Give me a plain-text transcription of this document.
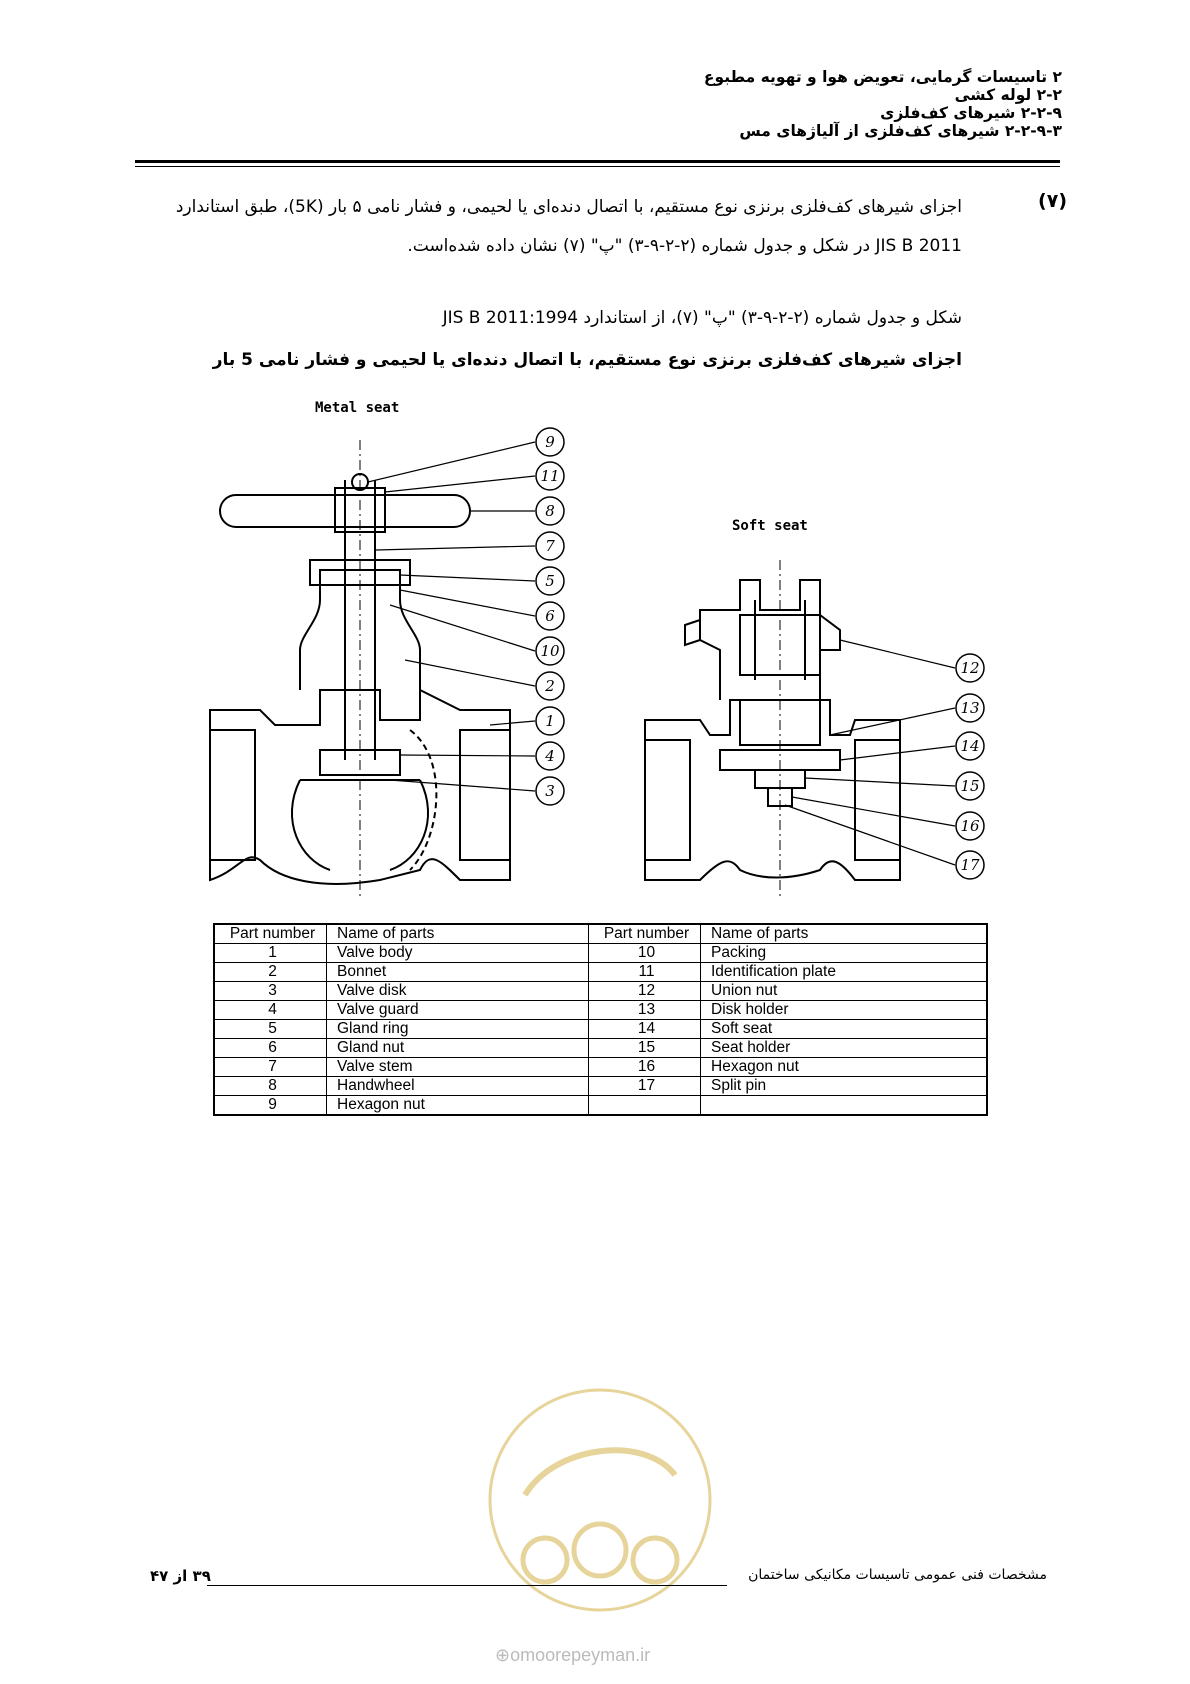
۲ تاسیسات گرمایی، تعویض هوا و تهویه مطبوع
۲-۲ لوله کشی
۲-۲-۹ شیرهای کف‌فلزی
۲-۲-۹-۳ شیرهای کف‌فلزی از آلیاژهای مس
(۷)
اجزای شیرهای کف‌فلزی برنزی نوع مستقیم، با اتصال دنده‌ای یا لحیمی، و فشار نامی ۵ بار (5K)، طبق استاندارد
JIS B 2011 در شکل و جدول شماره (۲-۲-۹-۳) "پ" (۷) نشان داده شده‌است.
شکل و جدول شماره (۲-۲-۹-۳) "پ" (۷)، از استاندارد JIS B 2011:1994
اجزای شیرهای کف‌فلزی برنزی نوع مستقیم، با اتصال دنده‌ای یا لحیمی و فشار نامی 5 بار
Metal seat
Soft seat
9
11
8
7
5
6
10
2
1
4
3
12
13
14
15
16
17
Part number	Name of parts	Part number	Name of parts
1	Valve body	10	Packing
2	Bonnet	11	Identification plate
3	Valve disk	12	Union nut
4	Valve guard	13	Disk holder
5	Gland ring	14	Soft seat
6	Gland nut	15	Seat holder
7	Valve stem	16	Hexagon nut
8	Handwheel	17	Split pin
9	Hexagon nut		
مشخصات فنی عمومی تاسیسات مکانیکی ساختمان
۳۹ از ۴۷
⊕omoorepeyman.ir
